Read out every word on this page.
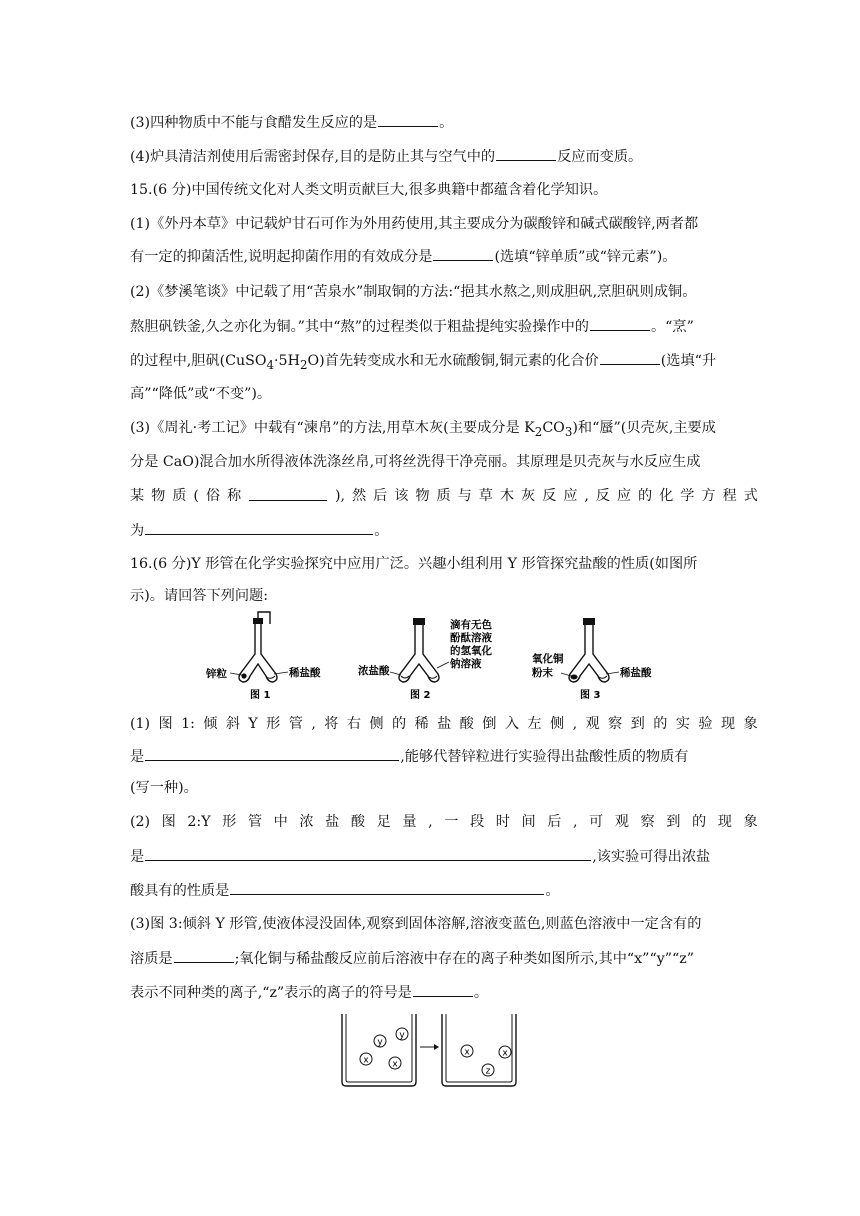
(3)四种物质中不能与食醋发生反应的是	。
(4)炉具清洁剂使用后需密封保存,目的是防止其与空气中的	反应而变质。
15.(6 分)中国传统文化对人类文明贡献巨大,很多典籍中都蕴含着化学知识。
(1)《外丹本草》中记载炉甘石可作为外用药使用,其主要成分为碳酸锌和碱式碳酸锌,两者都
有一定的抑菌活性,说明起抑菌作用的有效成分是	(选填“锌单质”或“锌元素”)。
(2)《梦溪笔谈》中记载了用“苦泉水”制取铜的方法:“挹其水熬之,则成胆矾,烹胆矾则成铜。
熬胆矾铁釜,久之亦化为铜。”其中“熬”的过程类似于粗盐提纯实验操作中的	。“烹”
的过程中,胆矾$(CuSO_4\cdot 5H_2O)$首先转变成水和无水硫酸铜,铜元素的化合价	(选填“升
高”“降低”或“不变”)。
(3)《周礼·考工记》中载有“湅帛”的方法,用草木灰(主要成分是 $K_2CO_3$)和“蜃”(贝壳灰,主要成
分是 CaO)混合加水所得液体洗涤丝帛,可将丝洗得干净亮丽。其原理是贝壳灰与水反应生成
某 物 质 ( 俗 称	), 然 后 该 物 质 与 草 木 灰 反 应 , 反 应 的 化 学 方 程 式
为	。
16.(6 分)Y 形管在化学实验探究中应用广泛。兴趣小组利用 Y 形管探究盐酸的性质(如图所
示)。请回答下列问题:
锌粒	稀盐酸
图 1
浓盐酸
滴有无色
酚酞溶液
的氢氧化
钠溶液
图 2
氧化铜
粉末	稀盐酸
图 3
(1) 图 1: 倾 斜 Y 形 管 , 将 右 侧 的 稀 盐 酸 倒 入 左 侧 , 观 察 到 的 实 验 现 象
是	,能够代替锌粒进行实验得出盐酸性质的物质有
(写一种)。
(2) 图 2:Y 形 管 中 浓 盐 酸 足 量 , 一 段 时 间 后 , 可 观 察 到 的 现 象
是	,该实验可得出浓盐
酸具有的性质是	。
(3)图 3:倾斜 Y 形管,使液体浸没固体,观察到固体溶解,溶液变蓝色,则蓝色溶液中一定含有的
溶质是	;氧化铜与稀盐酸反应前后溶液中存在的离子种类如图所示,其中“x”“y”“z”
表示不同种类的离子,“z”表示的离子的符号是	。
y
y
x	x
x	x
z
